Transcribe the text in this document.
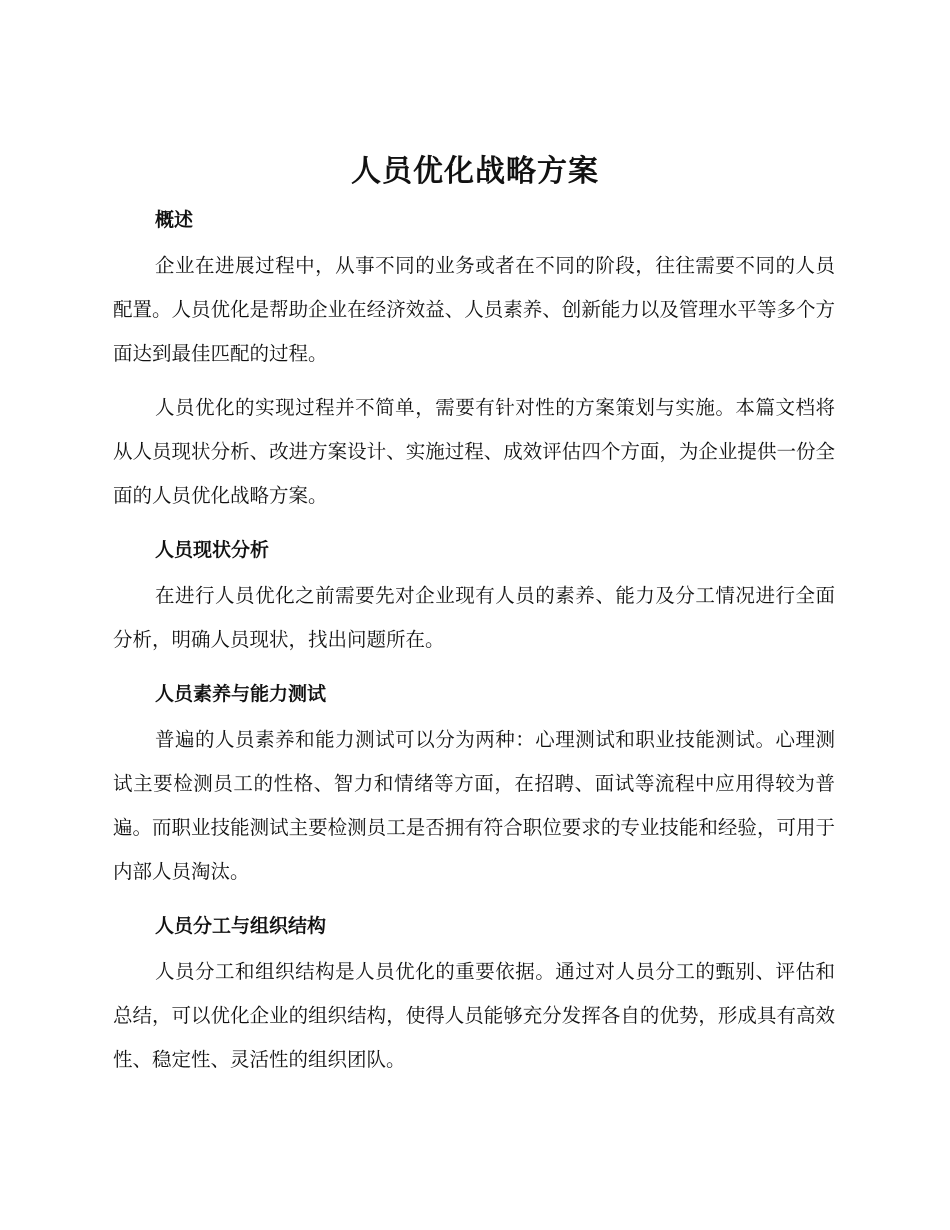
人员优化战略方案
概述

企业在进展过程中，从事不同的业务或者在不同的阶段，往往需要不同的人员配置。人员优化是帮助企业在经济效益、人员素养、创新能力以及管理水平等多个方面达到最佳匹配的过程。

人员优化的实现过程并不简单，需要有针对性的方案策划与实施。本篇文档将从人员现状分析、改进方案设计、实施过程、成效评估四个方面，为企业提供一份全面的人员优化战略方案。

人员现状分析

在进行人员优化之前需要先对企业现有人员的素养、能力及分工情况进行全面分析，明确人员现状，找出问题所在。

人员素养与能力测试

普遍的人员素养和能力测试可以分为两种：心理测试和职业技能测试。心理测试主要检测员工的性格、智力和情绪等方面，在招聘、面试等流程中应用得较为普遍。而职业技能测试主要检测员工是否拥有符合职位要求的专业技能和经验，可用于内部人员淘汰。

人员分工与组织结构

人员分工和组织结构是人员优化的重要依据。通过对人员分工的甄别、评估和总结，可以优化企业的组织结构，使得人员能够充分发挥各自的优势，形成具有高效性、稳定性、灵活性的组织团队。
